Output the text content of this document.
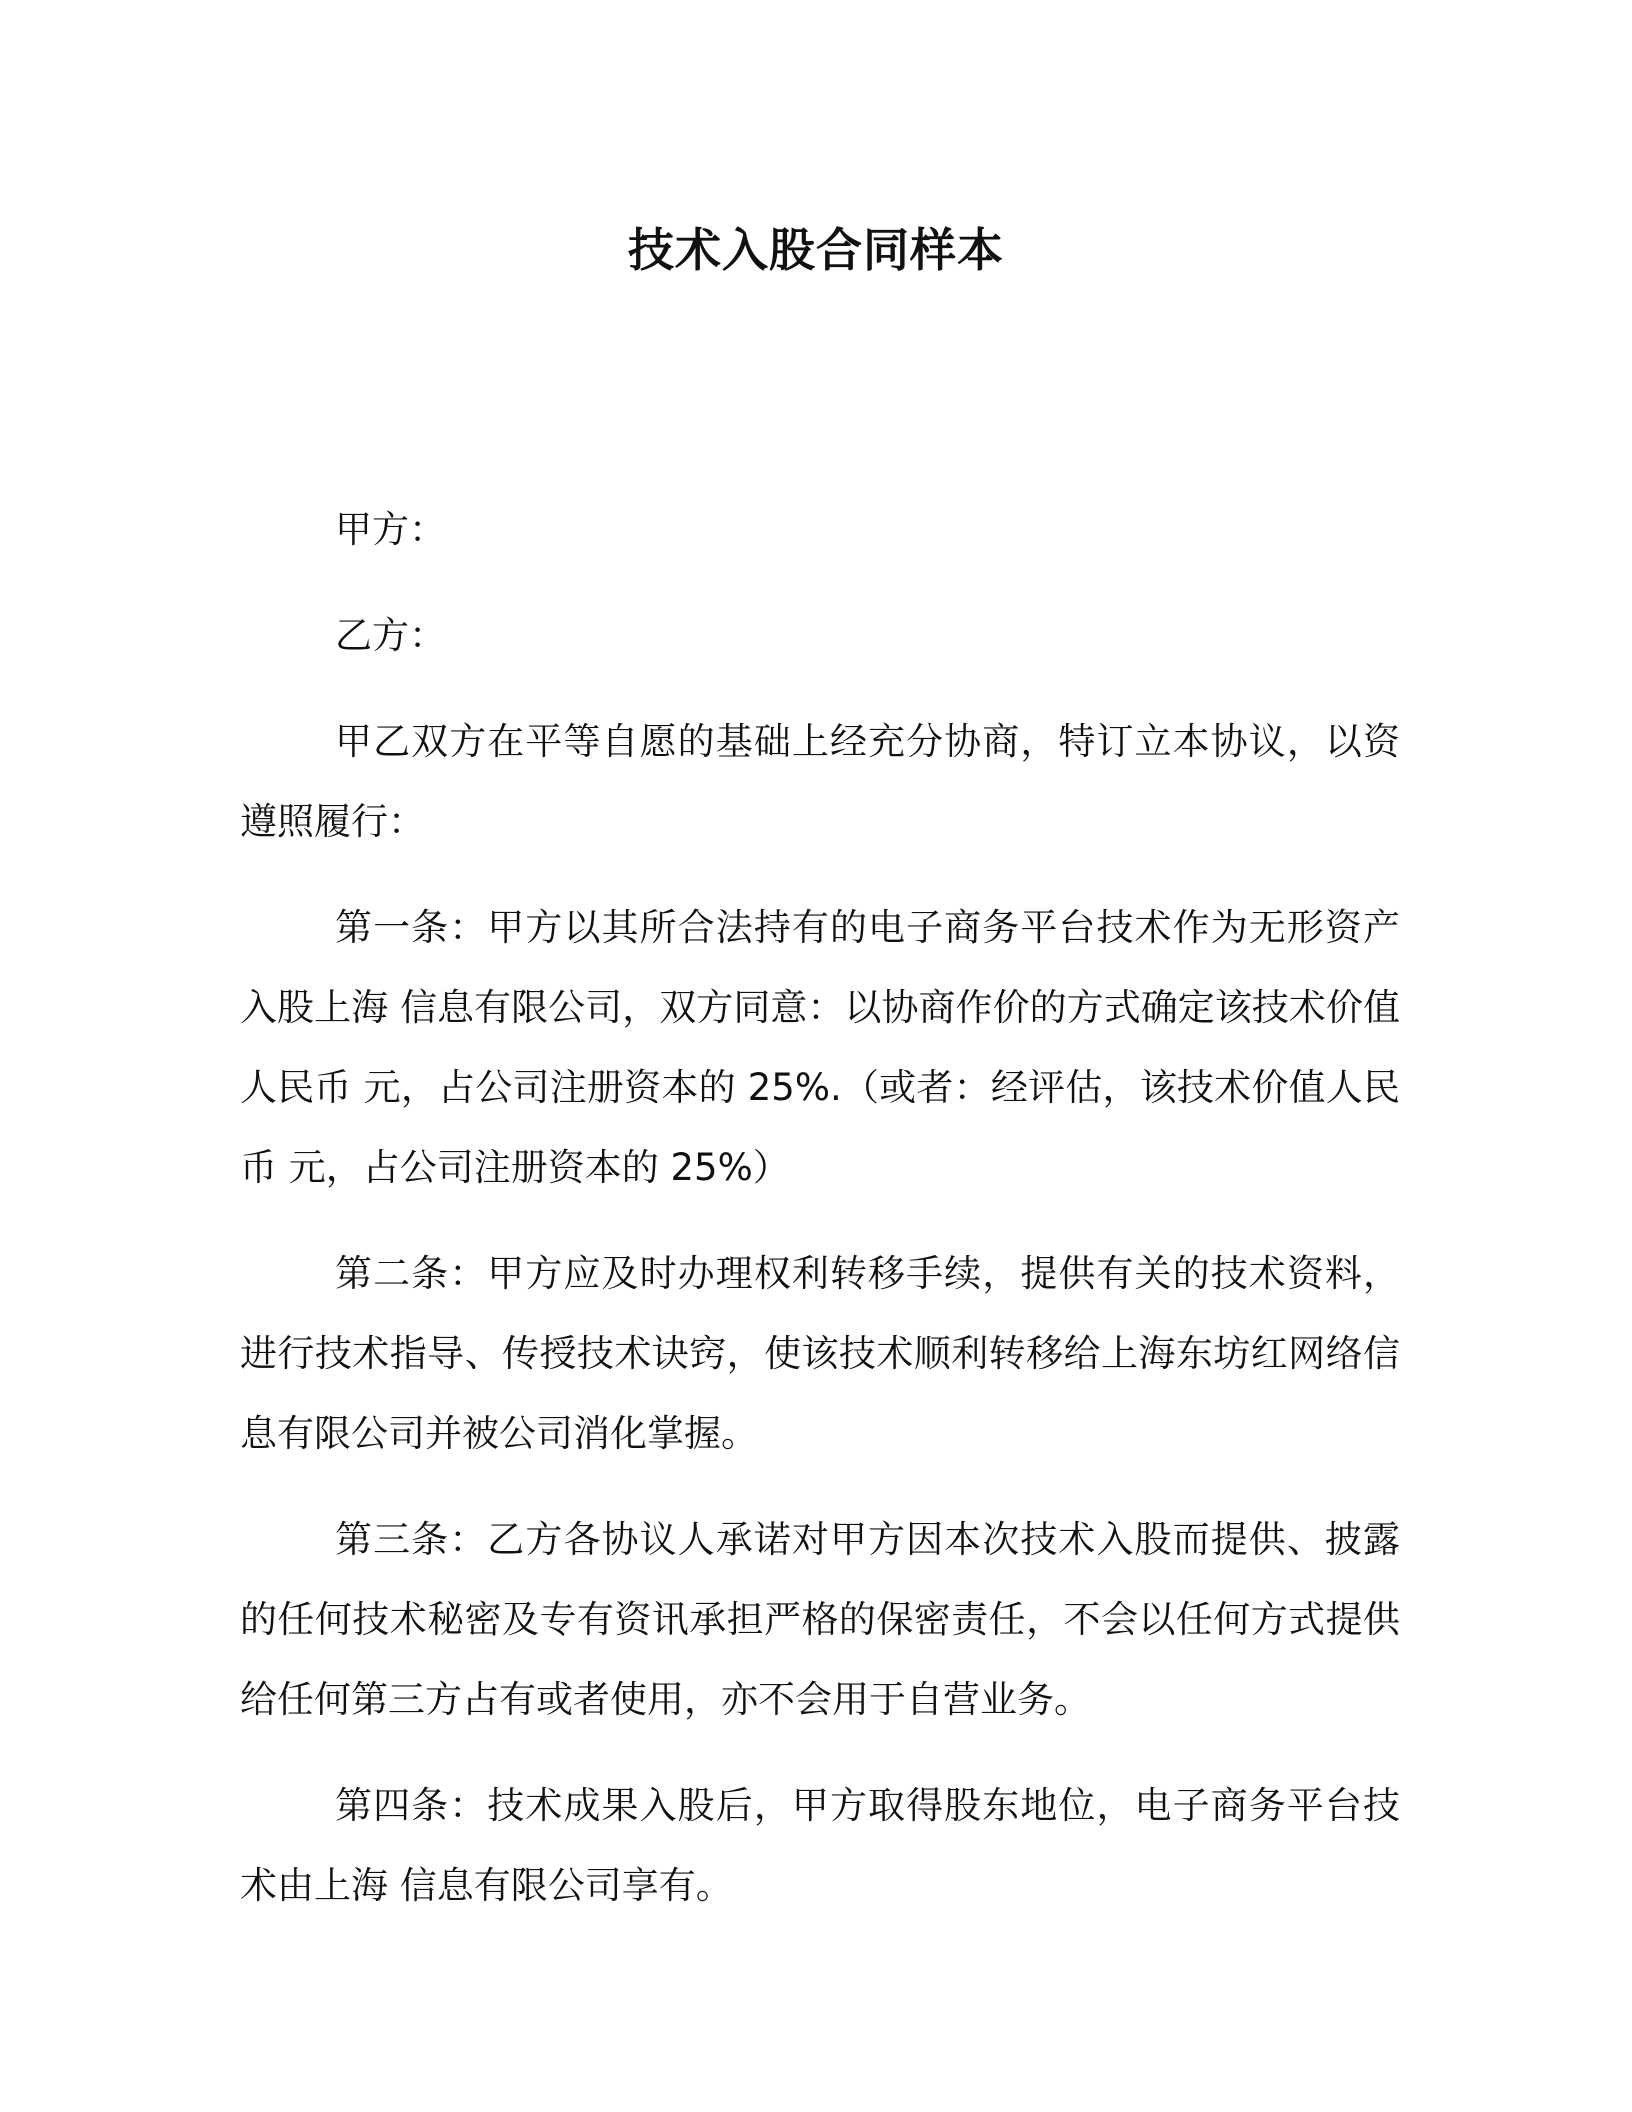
技术入股合同样本

甲方：

乙方：

甲乙双方在平等自愿的基础上经充分协商，特订立本协议，以资遵照履行：

第一条：甲方以其所合法持有的电子商务平台技术作为无形资产入股上海 信息有限公司，双方同意：以协商作价的方式确定该技术价值人民币 元，占公司注册资本的 25%.（或者：经评估，该技术价值人民币 元，占公司注册资本的 25%）

第二条：甲方应及时办理权利转移手续，提供有关的技术资料，进行技术指导、传授技术诀窍，使该技术顺利转移给上海东坊红网络信息有限公司并被公司消化掌握。

第三条：乙方各协议人承诺对甲方因本次技术入股而提供、披露的任何技术秘密及专有资讯承担严格的保密责任，不会以任何方式提供给任何第三方占有或者使用，亦不会用于自营业务。

第四条：技术成果入股后，甲方取得股东地位，电子商务平台技术由上海 信息有限公司享有。
